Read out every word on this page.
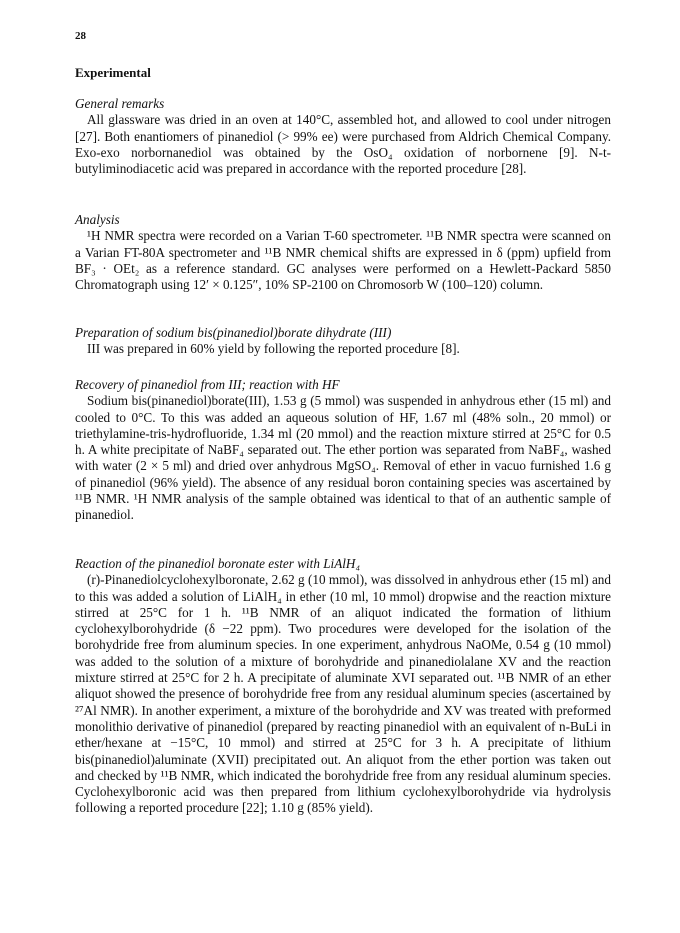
28
Experimental

General remarks

All glassware was dried in an oven at 140°C, assembled hot, and allowed to cool under nitrogen [27]. Both enantiomers of pinanediol (> 99% ee) were purchased from Aldrich Chemical Company. Exo-exo norbornanediol was obtained by the OsO₄ oxidation of norbornene [9]. N-t-butyliminodiacetic acid was prepared in accordance with the reported procedure [28].

Analysis

¹H NMR spectra were recorded on a Varian T-60 spectrometer. ¹¹B NMR spectra were scanned on a Varian FT-80A spectrometer and ¹¹B NMR chemical shifts are expressed in δ (ppm) upfield from BF₃ · OEt₂ as a reference standard. GC analyses were performed on a Hewlett-Packard 5850 Chromatograph using 12′ × 0.125″, 10% SP-2100 on Chromosorb W (100–120) column.

Preparation of sodium bis(pinanediol)borate dihydrate (III)

III was prepared in 60% yield by following the reported procedure [8].

Recovery of pinanediol from III; reaction with HF

Sodium bis(pinanediol)borate(III), 1.53 g (5 mmol) was suspended in anhydrous ether (15 ml) and cooled to 0°C. To this was added an aqueous solution of HF, 1.67 ml (48% soln., 20 mmol) or triethylamine-tris-hydrofluoride, 1.34 ml (20 mmol) and the reaction mixture stirred at 25°C for 0.5 h. A white precipitate of NaBF₄ separated out. The ether portion was separated from NaBF₄, washed with water (2 × 5 ml) and dried over anhydrous MgSO₄. Removal of ether in vacuo furnished 1.6 g of pinanediol (96% yield). The absence of any residual boron containing species was ascertained by ¹¹B NMR. ¹H NMR analysis of the sample obtained was identical to that of an authentic sample of pinanediol.

Reaction of the pinanediol boronate ester with LiAlH₄

(r)-Pinanediolcyclohexylboronate, 2.62 g (10 mmol), was dissolved in anhydrous ether (15 ml) and to this was added a solution of LiAlH₄ in ether (10 ml, 10 mmol) dropwise and the reaction mixture stirred at 25°C for 1 h. ¹¹B NMR of an aliquot indicated the formation of lithium cyclohexylborohydride (δ −22 ppm). Two procedures were developed for the isolation of the borohydride free from aluminum species. In one experiment, anhydrous NaOMe, 0.54 g (10 mmol) was added to the solution of a mixture of borohydride and pinanediolalane XV and the reaction mixture stirred at 25°C for 2 h. A precipitate of aluminate XVI separated out. ¹¹B NMR of an ether aliquot showed the presence of borohydride free from any residual aluminum species (ascertained by ²⁷Al NMR). In another experiment, a mixture of the borohydride and XV was treated with preformed monolithio derivative of pinanediol (prepared by reacting pinanediol with an equivalent of n-BuLi in ether/hexane at −15°C, 10 mmol) and stirred at 25°C for 3 h. A precipitate of lithium bis(pinanediol)aluminate (XVII) precipitated out. An aliquot from the ether portion was taken out and checked by ¹¹B NMR, which indicated the borohydride free from any residual aluminum species. Cyclohexylboronic acid was then prepared from lithium cyclohexylborohydride via hydrolysis following a reported procedure [22]; 1.10 g (85% yield).
